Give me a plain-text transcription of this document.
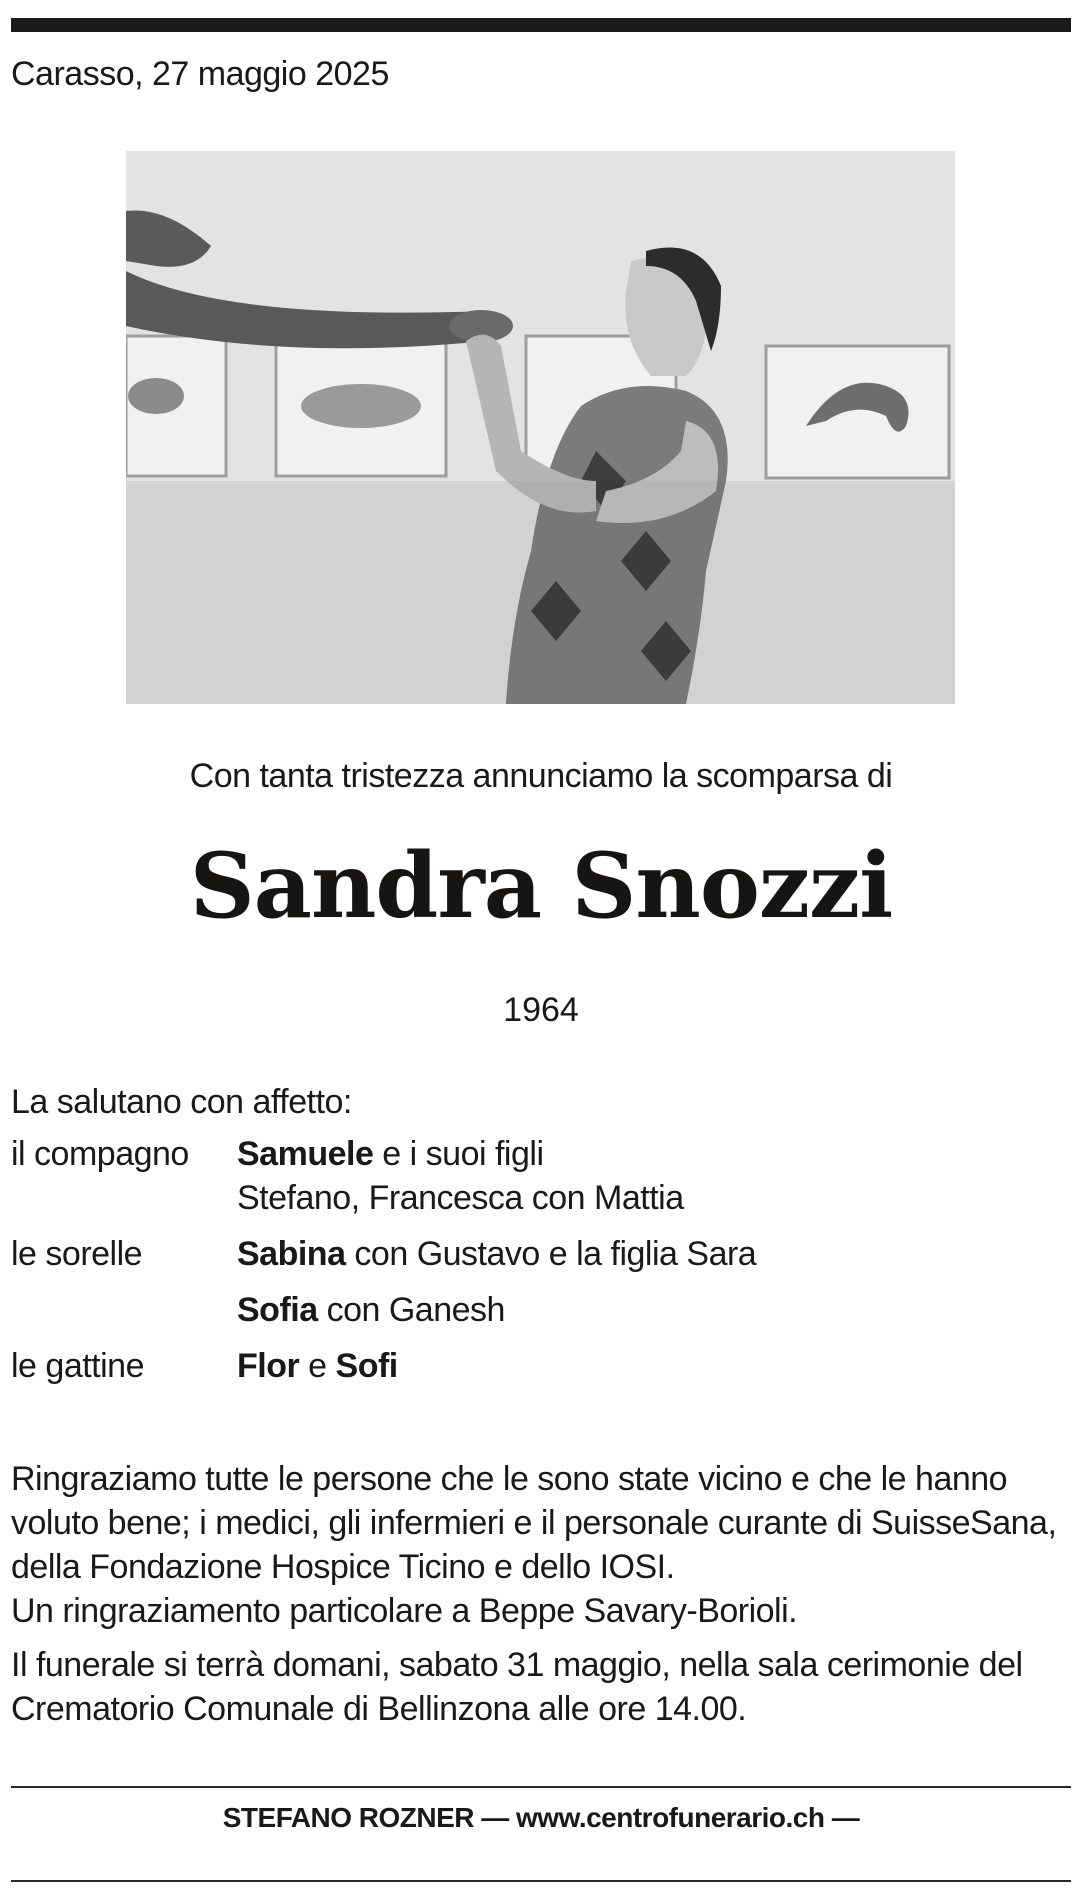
Carasso, 27 maggio 2025
Con tanta tristezza annunciamo la scomparsa di
Sandra Snozzi
1964
La salutano con affetto:
il compagno Samuele e i suoi figli
Stefano, Francesca con Mattia
le sorelle	Sabina con Gustavo e la figlia Sara
Sofia con Ganesh
le gattine	Flor e Sofi

Ringraziamo tutte le persone che le sono state vicino e che le hanno voluto bene; i medici, gli infermieri e il personale curante di SuisseSana, della Fondazione Hospice Ticino e dello IOSI.

Un ringraziamento particolare a Beppe Savary-Borioli.

Il funerale si terrà domani, sabato 31 maggio, nella sala cerimonie del Crematorio Comunale di Bellinzona alle ore 14.00.

STEFANO ROZNER — www.centrofunerario.ch —
